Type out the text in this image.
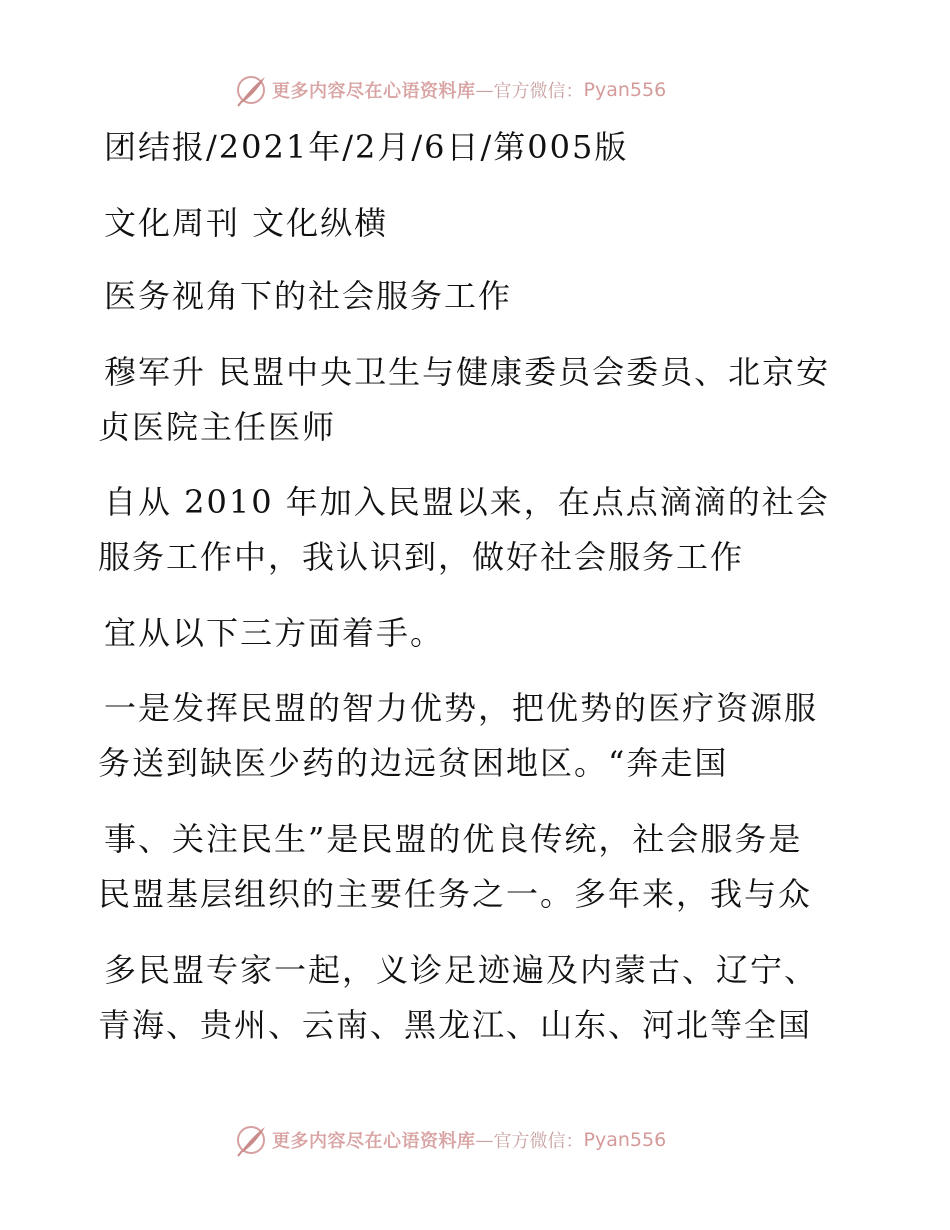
更多内容尽在心语资料库 — 官方微信： Pyan556
团结报/2021年/2月/6日/第005版
文化周刊 文化纵横
医务视角下的社会服务工作
穆军升 民盟中央卫生与健康委员会委员、北京安
贞医院主任医师
自从 2010 年加入民盟以来，在点点滴滴的社会
服务工作中，我认识到，做好社会服务工作
宜从以下三方面着手。
一是发挥民盟的智力优势，把优势的医疗资源服
务送到缺医少药的边远贫困地区。“奔走国
事、关注民生”是民盟的优良传统，社会服务是
民盟基层组织的主要任务之一。多年来，我与众
多民盟专家一起，义诊足迹遍及内蒙古、辽宁、
青海、贵州、云南、黑龙江、山东、河北等全国
更多内容尽在心语资料库 — 官方微信： Pyan556
